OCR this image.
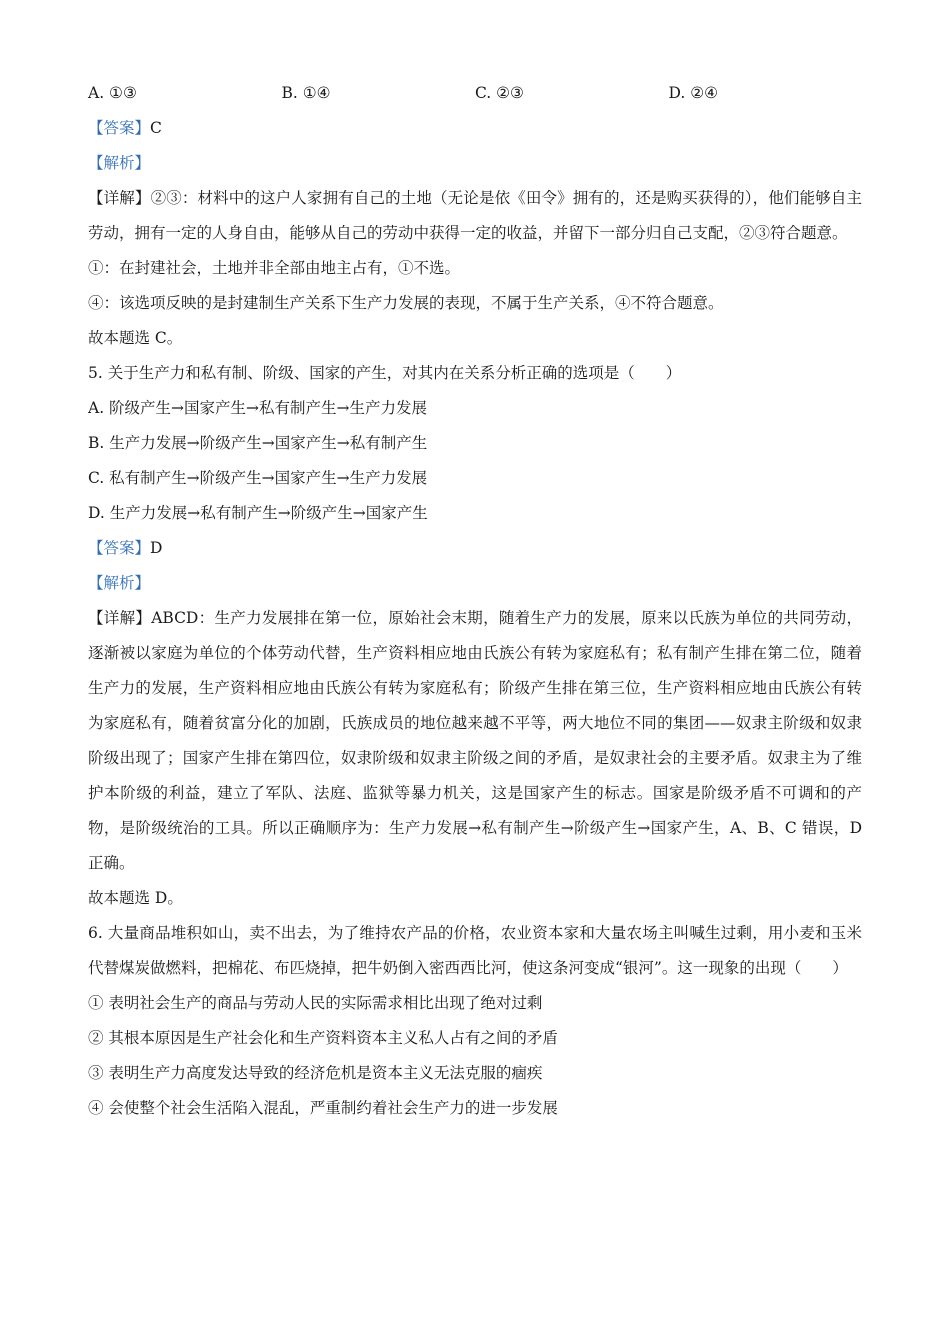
A. ①③	B. ①④	C. ②③	D. ②④
【答案】C
【解析】
【详解】②③：材料中的这户人家拥有自己的土地（无论是依《田令》拥有的，还是购买获得的），他们能够自主劳动，拥有一定的人身自由，能够从自己的劳动中获得一定的收益，并留下一部分归自己支配，②③符合题意。
①：在封建社会，土地并非全部由地主占有，①不选。
④：该选项反映的是封建制生产关系下生产力发展的表现，不属于生产关系，④不符合题意。
故本题选 C。
5. 关于生产力和私有制、阶级、国家的产生，对其内在关系分析正确的选项是（　　）
A. 阶级产生→国家产生→私有制产生→生产力发展
B. 生产力发展→阶级产生→国家产生→私有制产生
C. 私有制产生→阶级产生→国家产生→生产力发展
D. 生产力发展→私有制产生→阶级产生→国家产生
【答案】D
【解析】
【详解】ABCD：生产力发展排在第一位，原始社会末期，随着生产力的发展，原来以氏族为单位的共同劳动，逐渐被以家庭为单位的个体劳动代替，生产资料相应地由氏族公有转为家庭私有；私有制产生排在第二位，随着生产力的发展，生产资料相应地由氏族公有转为家庭私有；阶级产生排在第三位，生产资料相应地由氏族公有转为家庭私有，随着贫富分化的加剧，氏族成员的地位越来越不平等，两大地位不同的集团——奴隶主阶级和奴隶阶级出现了；国家产生排在第四位，奴隶阶级和奴隶主阶级之间的矛盾，是奴隶社会的主要矛盾。奴隶主为了维护本阶级的利益，建立了军队、法庭、监狱等暴力机关，这是国家产生的标志。国家是阶级矛盾不可调和的产物，是阶级统治的工具。所以正确顺序为：生产力发展→私有制产生→阶级产生→国家产生，A、B、C 错误，D 正确。
故本题选 D。
6. 大量商品堆积如山，卖不出去，为了维持农产品的价格，农业资本家和大量农场主叫喊生过剩，用小麦和玉米代替煤炭做燃料，把棉花、布匹烧掉，把牛奶倒入密西西比河，使这条河变成“银河”。这一现象的出现（　　）
① 表明社会生产的商品与劳动人民的实际需求相比出现了绝对过剩
② 其根本原因是生产社会化和生产资料资本主义私人占有之间的矛盾
③ 表明生产力高度发达导致的经济危机是资本主义无法克服的痼疾
④ 会使整个社会生活陷入混乱，严重制约着社会生产力的进一步发展
